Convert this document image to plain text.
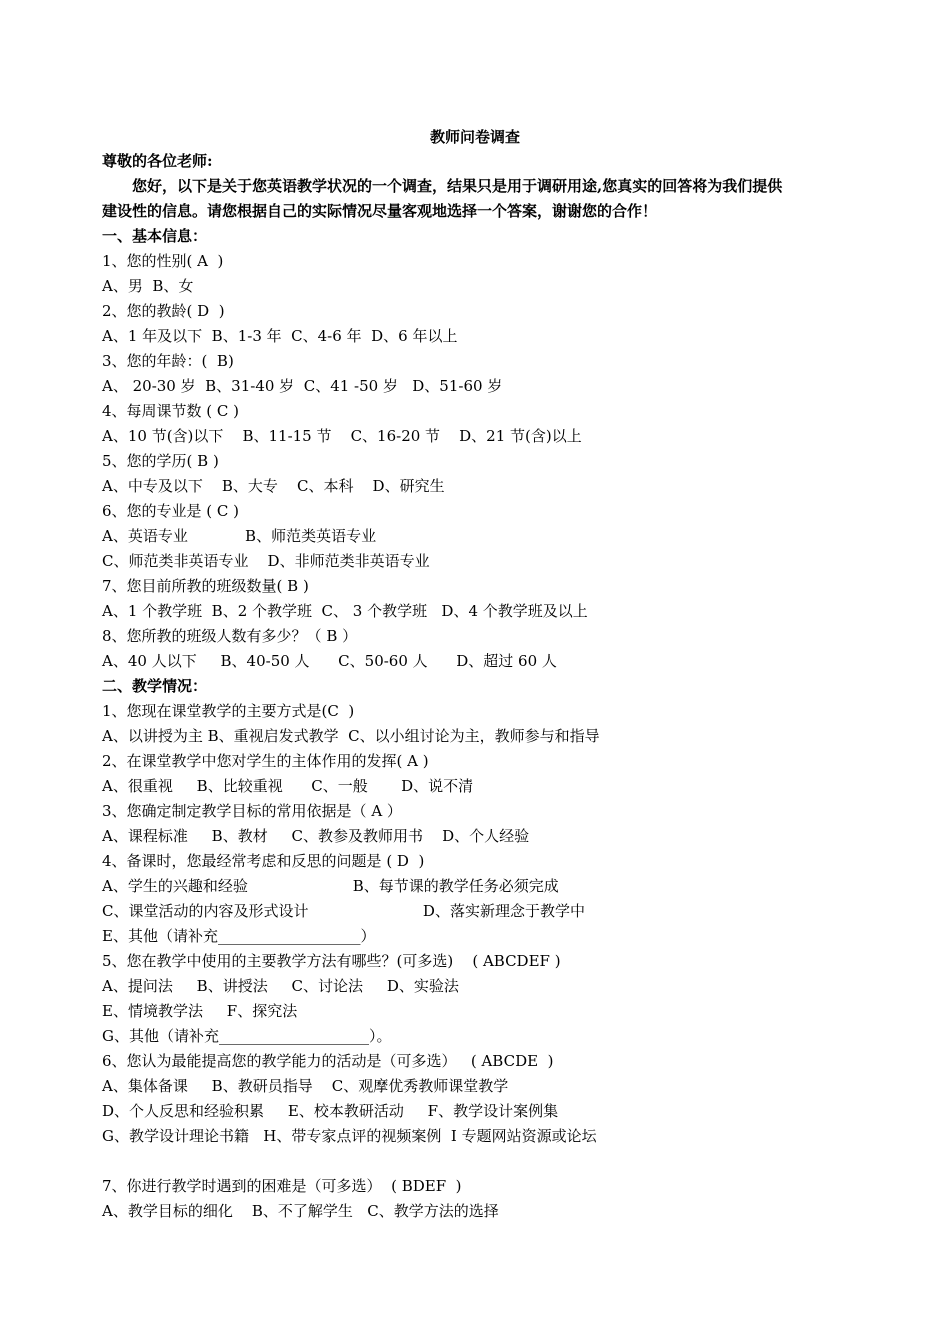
教师问卷调查
尊敬的各位老师:
您好，以下是关于您英语教学状况的一个调查，结果只是用于调研用途,您真实的回答将为我们提供
建设性的信息。请您根据自己的实际情况尽量客观地选择一个答案，谢谢您的合作！
一、基本信息：
1、您的性别( A  )
A、男  B、女
2、您的教龄( D  )
A、1 年及以下  B、1-3 年  C、4-6 年  D、6 年以上
3、您的年龄：(  B)
A、 20-30 岁  B、31-40 岁  C、41 -50 岁   D、51-60 岁
4、每周课节数 ( C )
A、10 节(含)以下    B、11-15 节    C、16-20 节    D、21 节(含)以上
5、您的学历( B )
A、中专及以下    B、大专    C、本科    D、研究生
6、您的专业是 ( C )
A、英语专业            B、师范类英语专业
C、师范类非英语专业    D、非师范类非英语专业
7、您目前所教的班级数量( B )
A、1 个教学班  B、2 个教学班  C、 3 个教学班   D、4 个教学班及以上
8、您所教的班级人数有多少？（ B ）
A、40 人以下     B、40-50 人      C、50-60 人      D、超过 60 人
二、教学情况：
1、您现在课堂教学的主要方式是(C  )
A、以讲授为主 B、重视启发式教学  C、以小组讨论为主，教师参与和指导
2、在课堂教学中您对学生的主体作用的发挥( A )
A、很重视     B、比较重视      C、一般       D、说不清
3、您确定制定教学目标的常用依据是（ A ）
A、课程标准     B、教材     C、教参及教师用书    D、个人经验
4、备课时，您最经常考虑和反思的问题是 ( D  )
A、学生的兴趣和经验                      B、每节课的教学任务必须完成
C、课堂活动的内容及形式设计                        D、落实新理念于教学中
E、其他（请补充___________________）
5、您在教学中使用的主要教学方法有哪些？(可多选)    ( ABCDEF )
A、提问法     B、讲授法     C、讨论法     D、实验法
E、情境教学法     F、探究法
G、其他（请补充____________________）。
6、您认为最能提高您的教学能力的活动是（可多选）   ( ABCDE  )
A、集体备课     B、教研员指导    C、观摩优秀教师课堂教学
D、个人反思和经验积累     E、校本教研活动     F、教学设计案例集
G、教学设计理论书籍   H、带专家点评的视频案例  I 专题网站资源或论坛
7、你进行教学时遇到的困难是（可多选）  ( BDEF  )
A、教学目标的细化    B、不了解学生   C、教学方法的选择
